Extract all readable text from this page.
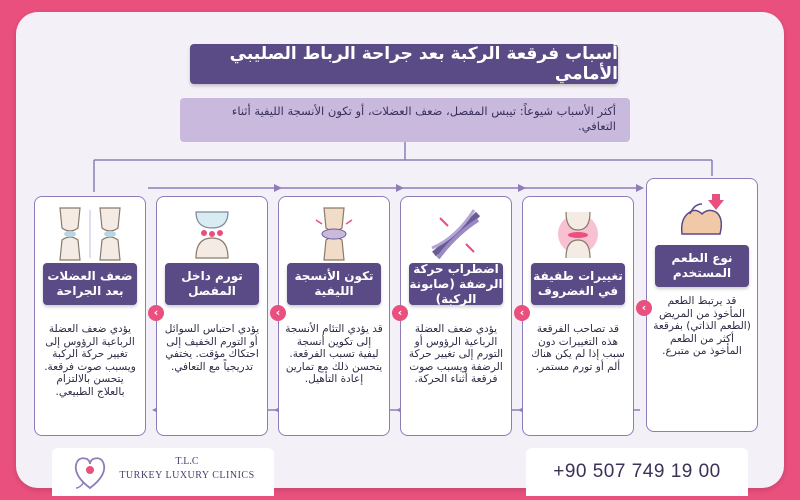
أسباب فرقعة الركبة بعد جراحة الرباط الصليبي الأمامي
أكثر الأسباب شيوعاً: تيبس المفصل، ضعف العضلات، أو تكون الأنسجة الليفية أثناء التعافي.
نوع الطعم المستخدم
قد يرتبط الطعم المأخوذ من المريض (الطعم الذاتي) بفرقعة أكثر من الطعم المأخوذ من متبرع.
تغييرات طفيفة في الغضروف
قد تصاحب الفرقعة هذه التغييرات دون سبب إذا لم يكن هناك ألم أو تورم مستمر.
اضطراب حركة الرضفة (صابونة الركبة)
يؤدي ضعف العضلة الرباعية الرؤوس أو التورم إلى تغيير حركة الرضفة ويسبب صوت فرقعة أثناء الحركة.
تكون الأنسجة الليفية
قد يؤدي التئام الأنسجة إلى تكوين أنسجة ليفية تسبب الفرقعة. يتحسن ذلك مع تمارين إعادة التأهيل.
تورم داخل المفصل
يؤدي احتباس السوائل أو التورم الخفيف إلى احتكاك مؤقت. يختفي تدريجياً مع التعافي.
ضعف العضلات بعد الجراحة
يؤدي ضعف العضلة الرباعية الرؤوس إلى تغيير حركة الركبة ويسبب صوت فرقعة. يتحسن بالالتزام بالعلاج الطبيعي.
‹
‹
‹
‹
‹
T.L.C
TURKEY LUXURY CLINICS	+90 507 749 19 00
